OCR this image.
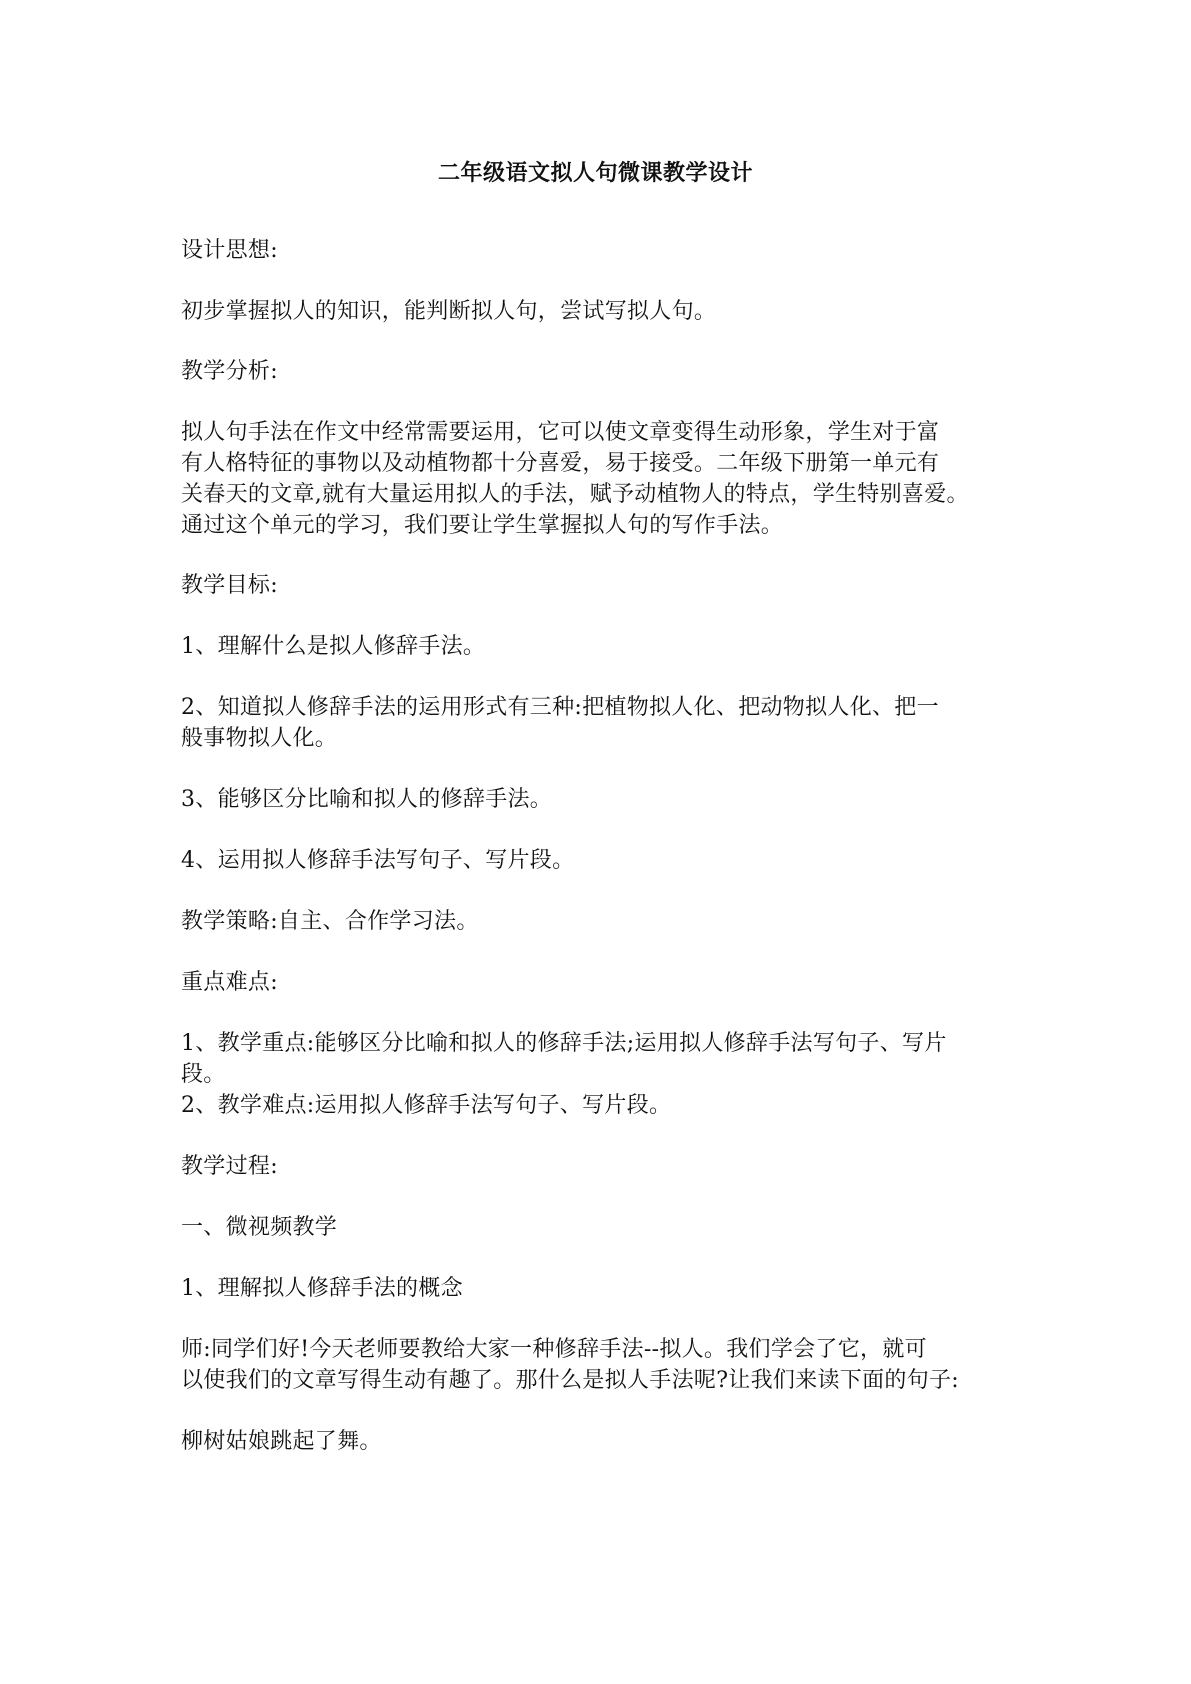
二年级语文拟人句微课教学设计
设计思想:
初步掌握拟人的知识，能判断拟人句，尝试写拟人句。
教学分析:
拟人句手法在作文中经常需要运用，它可以使文章变得生动形象，学生对于富
有人格特征的事物以及动植物都十分喜爱，易于接受。二年级下册第一单元有
关春天的文章,就有大量运用拟人的手法，赋予动植物人的特点，学生特别喜爱。
通过这个单元的学习，我们要让学生掌握拟人句的写作手法。
教学目标:
1、理解什么是拟人修辞手法。
2、知道拟人修辞手法的运用形式有三种:把植物拟人化、把动物拟人化、把一
般事物拟人化。
3、能够区分比喻和拟人的修辞手法。
4、运用拟人修辞手法写句子、写片段。
教学策略:自主、合作学习法。
重点难点:
1、教学重点:能够区分比喻和拟人的修辞手法;运用拟人修辞手法写句子、写片
段。
2、教学难点:运用拟人修辞手法写句子、写片段。
教学过程:
一、微视频教学
1、理解拟人修辞手法的概念
师:同学们好!今天老师要教给大家一种修辞手法--拟人。我们学会了它，就可
以使我们的文章写得生动有趣了。那什么是拟人手法呢?让我们来读下面的句子:
柳树姑娘跳起了舞。
